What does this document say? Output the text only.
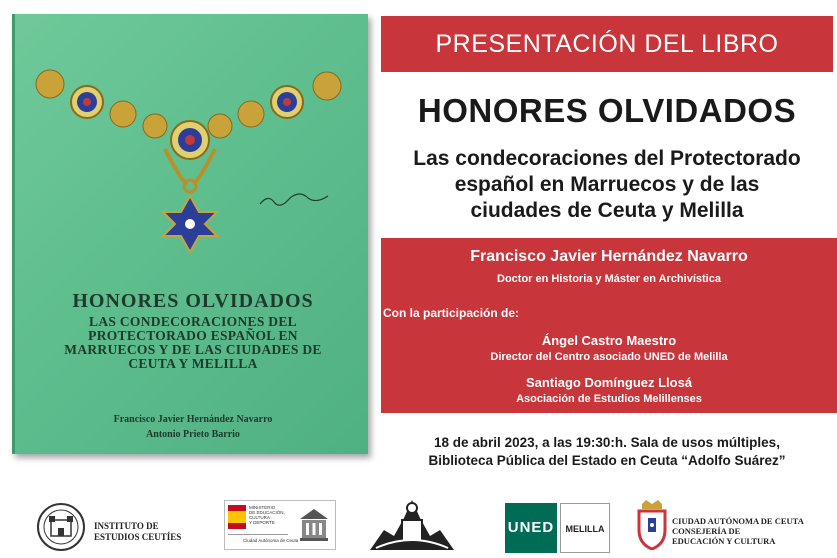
HONORES OLVIDADOS
LAS CONDECORACIONES DEL
PROTECTORADO ESPAÑOL EN
MARRUECOS Y DE LAS CIUDADES DE
CEUTA Y MELILLA
Francisco Javier Hernández Navarro
Antonio Prieto Barrio
PRESENTACIÓN DEL LIBRO
HONORES OLVIDADOS
Las condecoraciones del Protectorado
español en Marruecos y de las
ciudades de Ceuta y Melilla
Francisco Javier Hernández Navarro
Doctor en Historia y Máster en Archivística
Con la participación de:
Ángel Castro Maestro
Director del Centro asociado UNED de Melilla
Santiago Domínguez Llosá
Asociación de Estudios Melillenses
18 de abril 2023, a las 19:30:h. Sala de usos múltiples,
Biblioteca Pública del Estado en Ceuta “Adolfo Suárez”
INSTITUTO DE
ESTUDIOS CEUTÍES
MINISTERIO
DE EDUCACIÓN, CULTURA
Y DEPORTE
Ciudad Autónoma de Ceuta
UNED	MELILLA
CIUDAD AUTÓNOMA DE CEUTA
CONSEJERÍA DE
EDUCACIÓN Y CULTURA
